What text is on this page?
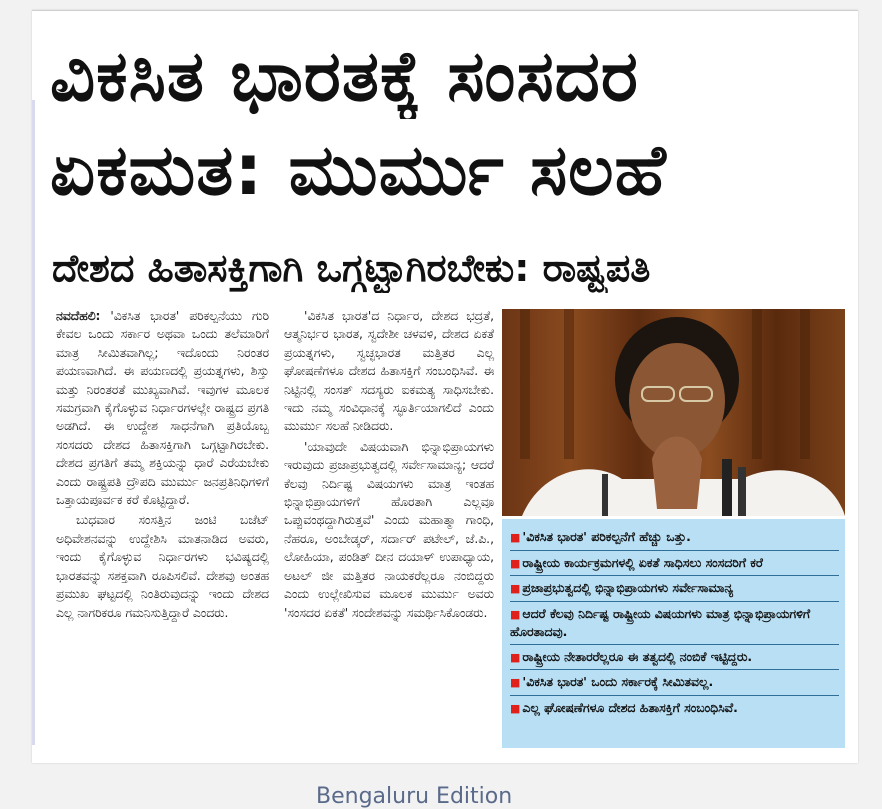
ವಿಕಸಿತ ಭಾರತಕ್ಕೆ ಸಂಸದರ
ಏಕಮತ: ಮುರ್ಮು ಸಲಹೆ
ದೇಶದ ಹಿತಾಸಕ್ತಿಗಾಗಿ ಒಗ್ಗಟ್ಟಾಗಿರಬೇಕು: ರಾಷ್ಟ್ರಪತಿ

ನವದೆಹಲಿ: 'ವಿಕಸಿತ ಭಾರತ' ಪರಿಕಲ್ಪನೆಯು ಗುರಿ ಕೇವಲ ಒಂದು ಸರ್ಕಾರ ಅಥವಾ ಒಂದು ತಲೆಮಾರಿಗೆ ಮಾತ್ರ ಸೀಮಿತವಾಗಿಲ್ಲ; ಇದೊಂದು ನಿರಂತರ ಪಯಣವಾಗಿದೆ. ಈ ಪಯಣದಲ್ಲಿ ಪ್ರಯತ್ನಗಳು, ಶಿಸ್ತು ಮತ್ತು ನಿರಂತರತೆ ಮುಖ್ಯವಾಗಿವೆ. ಇವುಗಳ ಮೂಲಕ ಸಮಗ್ರವಾಗಿ ಕೈಗೊಳ್ಳುವ ನಿರ್ಧಾರಗಳಲ್ಲೇ ರಾಷ್ಟ್ರದ ಪ್ರಗತಿ ಅಡಗಿದೆ. ಈ ಉದ್ದೇಶ ಸಾಧನೆಗಾಗಿ ಪ್ರತಿಯೊಬ್ಬ ಸಂಸದರು ದೇಶದ ಹಿತಾಸಕ್ತಿಗಾಗಿ ಒಗ್ಗಟ್ಟಾಗಿರಬೇಕು. ದೇಶದ ಪ್ರಗತಿಗೆ ತಮ್ಮ ಶಕ್ತಿಯನ್ನು ಧಾರೆ ಎರೆಯಬೇಕು ಎಂದು ರಾಷ್ಟ್ರಪತಿ ದ್ರೌಪದಿ ಮುರ್ಮು ಜನಪ್ರತಿನಿಧಿಗಳಿಗೆ ಒತ್ತಾಯಪೂರ್ವಕ ಕರೆ ಕೊಟ್ಟಿದ್ದಾರೆ.

ಬುಧವಾರ ಸಂಸತ್ತಿನ ಜಂಟಿ ಬಜೆಟ್ ಅಧಿವೇಶನವನ್ನು ಉದ್ದೇಶಿಸಿ ಮಾತನಾಡಿದ ಅವರು, ಇಂದು ಕೈಗೊಳ್ಳುವ ನಿರ್ಧಾರಗಳು ಭವಿಷ್ಯದಲ್ಲಿ ಭಾರತವನ್ನು ಸಶಕ್ತವಾಗಿ ರೂಪಿಸಲಿವೆ. ದೇಶವು ಅಂತಹ ಪ್ರಮುಖ ಘಟ್ಟದಲ್ಲಿ ನಿಂತಿರುವುದನ್ನು ಇಂದು ದೇಶದ ಎಲ್ಲ ನಾಗರಿಕರೂ ಗಮನಿಸುತ್ತಿದ್ದಾರೆ ಎಂದರು.

'ವಿಕಸಿತ ಭಾರತ'ದ ನಿರ್ಧಾರ, ದೇಶದ ಭದ್ರತೆ, ಆತ್ಮನಿರ್ಭರ ಭಾರತ, ಸ್ವದೇಶೀ ಚಳವಳಿ, ದೇಶದ ಏಕತೆ ಪ್ರಯತ್ನಗಳು, ಸ್ವಚ್ಛಭಾರತ ಮತ್ತಿತರ ಎಲ್ಲ ಘೋಷಣೆಗಳೂ ದೇಶದ ಹಿತಾಸಕ್ತಿಗೆ ಸಂಬಂಧಿಸಿವೆ. ಈ ನಿಟ್ಟಿನಲ್ಲಿ ಸಂಸತ್ ಸದಸ್ಯರು ಐಕಮತ್ಯ ಸಾಧಿಸಬೇಕು. ಇದು ನಮ್ಮ ಸಂವಿಧಾನಕ್ಕೆ ಸ್ಫೂರ್ತಿಯಾಗಲಿದೆ ಎಂದು ಮುರ್ಮು ಸಲಹೆ ನೀಡಿದರು.

'ಯಾವುದೇ ವಿಷಯವಾಗಿ ಭಿನ್ನಾಭಿಪ್ರಾಯಗಳು ಇರುವುದು ಪ್ರಜಾಪ್ರಭುತ್ವದಲ್ಲಿ ಸರ್ವೇಸಾಮಾನ್ಯ; ಆದರೆ ಕೆಲವು ನಿರ್ದಿಷ್ಟ ವಿಷಯಗಳು ಮಾತ್ರ ಇಂತಹ ಭಿನ್ನಾಭಿಪ್ರಾಯಗಳಿಗೆ ಹೊರತಾಗಿ ಎಲ್ಲವೂ ಒಪ್ಪುವಂಥದ್ದಾಗಿರುತ್ತವೆ' ಎಂದು ಮಹಾತ್ಮಾ ಗಾಂಧಿ, ನೆಹರೂ, ಅಂಬೇಡ್ಕರ್, ಸರ್ದಾರ್ ಪಟೇಲ್, ಜೆ.ಪಿ., ಲೋಹಿಯಾ, ಪಂಡಿತ್ ದೀನ ದಯಾಳ್ ಉಪಾಧ್ಯಾಯ, ಅಟಲ್ ಜೀ ಮತ್ತಿತರ ನಾಯಕರೆಲ್ಲರೂ ನಂಬಿದ್ದರು ಎಂದು ಉಲ್ಲೇಖಿಸುವ ಮೂಲಕ ಮುರ್ಮು ಅವರು 'ಸಂಸದರ ಏಕತೆ' ಸಂದೇಶವನ್ನು ಸಮರ್ಥಿಸಿಕೊಂಡರು.

■ 'ವಿಕಸಿತ ಭಾರತ' ಪರಿಕಲ್ಪನೆಗೆ ಹೆಚ್ಚು ಒತ್ತು.
■ ರಾಷ್ಟ್ರೀಯ ಕಾರ್ಯಕ್ರಮಗಳಲ್ಲಿ ಏಕತೆ ಸಾಧಿಸಲು ಸಂಸದರಿಗೆ ಕರೆ
■ ಪ್ರಜಾಪ್ರಭುತ್ವದಲ್ಲಿ ಭಿನ್ನಾಭಿಪ್ರಾಯಗಳು ಸರ್ವೇಸಾಮಾನ್ಯ
■ ಆದರೆ ಕೆಲವು ನಿರ್ದಿಷ್ಟ ರಾಷ್ಟ್ರೀಯ ವಿಷಯಗಳು ಮಾತ್ರ ಭಿನ್ನಾಭಿಪ್ರಾಯಗಳಿಗೆ ಹೊರತಾದವು.
■ ರಾಷ್ಟ್ರೀಯ ನೇತಾರರೆಲ್ಲರೂ ಈ ತತ್ವದಲ್ಲಿ ನಂಬಿಕೆ ಇಟ್ಟಿದ್ದರು.
■ 'ವಿಕಸಿತ ಭಾರತ' ಒಂದು ಸರ್ಕಾರಕ್ಕೆ ಸೀಮಿತವಲ್ಲ.
■ ಎಲ್ಲ ಘೋಷಣೆಗಳೂ ದೇಶದ ಹಿತಾಸಕ್ತಿಗೆ ಸಂಬಂಧಿಸಿವೆ.
Bengaluru Edition
